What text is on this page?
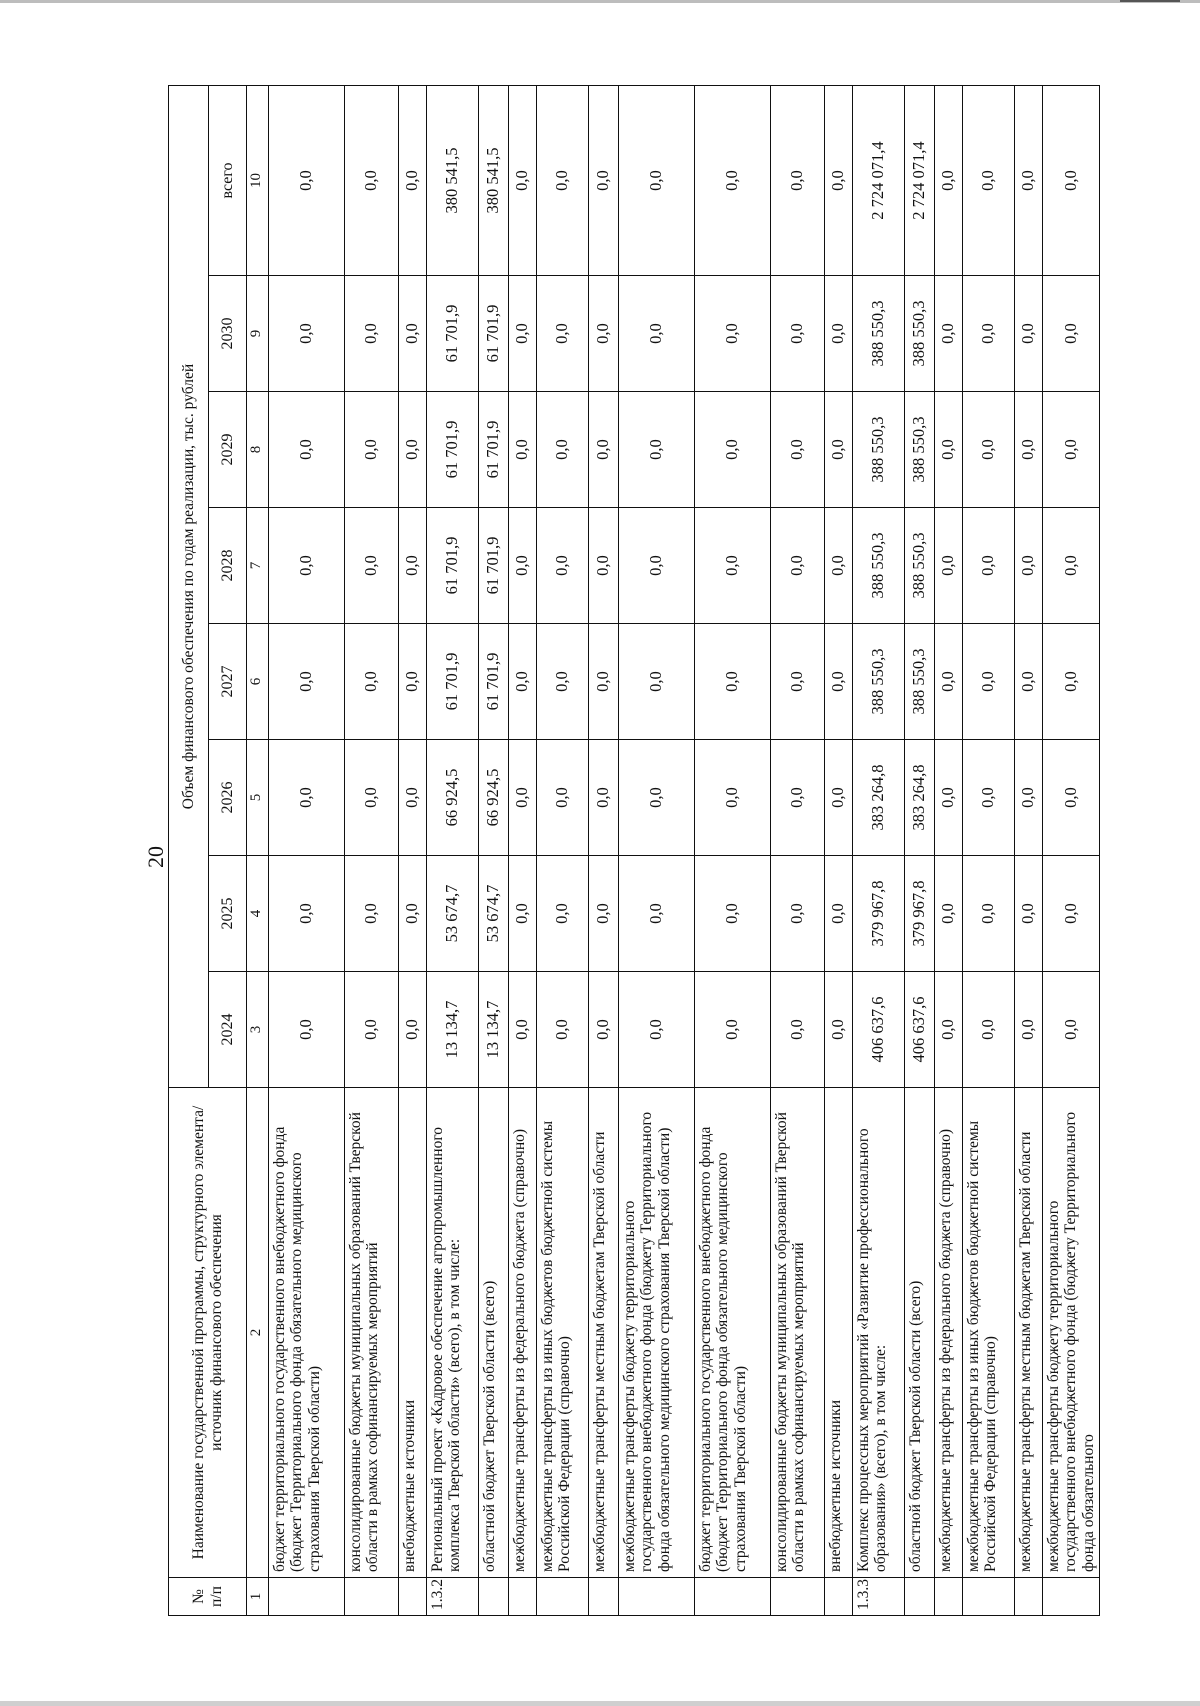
20
№ п/п	Наименование государственной программы, структурного элемента/источник финансового обеспечения	Объем финансового обеспечения по годам реализации, тыс. рублей							
		2024	2025	2026	2027	2028	2029	2030	всего
1	2	3	4	5	6	7	8	9	10
	бюджет территориального государственного внебюджетного фонда (бюджет Территориального фонда обязательного медицинского страхования Тверской области)	0,0	0,0	0,0	0,0	0,0	0,0	0,0	0,0
	консолидированные бюджеты муниципальных образований Тверской области в рамках софинансируемых мероприятий	0,0	0,0	0,0	0,0	0,0	0,0	0,0	0,0
	внебюджетные источники	0,0	0,0	0,0	0,0	0,0	0,0	0,0	0,0
1.3.2	Региональный проект «Кадровое обеспечение агропромышленного комплекса Тверской области» (всего), в том числе:	13 134,7	53 674,7	66 924,5	61 701,9	61 701,9	61 701,9	61 701,9	380 541,5
	областной бюджет Тверской области (всего)	13 134,7	53 674,7	66 924,5	61 701,9	61 701,9	61 701,9	61 701,9	380 541,5
	межбюджетные трансферты из федерального бюджета (справочно)	0,0	0,0	0,0	0,0	0,0	0,0	0,0	0,0
	межбюджетные трансферты из иных бюджетов бюджетной системы Российской Федерации (справочно)	0,0	0,0	0,0	0,0	0,0	0,0	0,0	0,0
	межбюджетные трансферты местным бюджетам Тверской области	0,0	0,0	0,0	0,0	0,0	0,0	0,0	0,0
	межбюджетные трансферты бюджету территориального государственного внебюджетного фонда (бюджету Территориального фонда обязательного медицинского страхования Тверской области)	0,0	0,0	0,0	0,0	0,0	0,0	0,0	0,0
	бюджет территориального государственного внебюджетного фонда (бюджет Территориального фонда обязательного медицинского страхования Тверской области)	0,0	0,0	0,0	0,0	0,0	0,0	0,0	0,0
	консолидированные бюджеты муниципальных образований Тверской области в рамках софинансируемых мероприятий	0,0	0,0	0,0	0,0	0,0	0,0	0,0	0,0
	внебюджетные источники	0,0	0,0	0,0	0,0	0,0	0,0	0,0	0,0
1.3.3	Комплекс процессных мероприятий «Развитие профессионального образования» (всего), в том числе:	406 637,6	379 967,8	383 264,8	388 550,3	388 550,3	388 550,3	388 550,3	2 724 071,4
	областной бюджет Тверской области (всего)	406 637,6	379 967,8	383 264,8	388 550,3	388 550,3	388 550,3	388 550,3	2 724 071,4
	межбюджетные трансферты из федерального бюджета (справочно)	0,0	0,0	0,0	0,0	0,0	0,0	0,0	0,0
	межбюджетные трансферты из иных бюджетов бюджетной системы Российской Федерации (справочно)	0,0	0,0	0,0	0,0	0,0	0,0	0,0	0,0
	межбюджетные трансферты местным бюджетам Тверской области	0,0	0,0	0,0	0,0	0,0	0,0	0,0	0,0
	межбюджетные трансферты бюджету территориального государственного внебюджетного фонда (бюджету Территориального фонда обязательного	0,0	0,0	0,0	0,0	0,0	0,0	0,0	0,0
